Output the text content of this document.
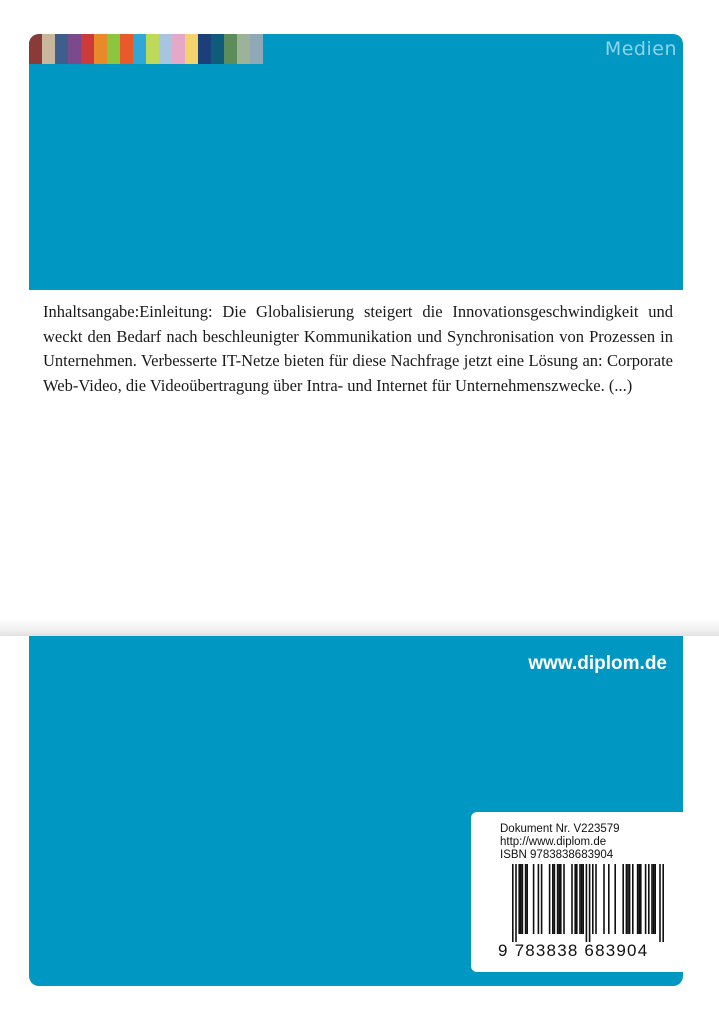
Medien

Inhaltsangabe:Einleitung: Die Globalisierung steigert die Innovationsgeschwindigkeit und weckt den Bedarf nach beschleunigter Kommunikation und Synchronisation von Prozessen in Unternehmen. Verbesserte IT-Netze bieten für diese Nachfrage jetzt eine Lösung an: Corporate Web-Video, die Videoübertragung über Intra- und Internet für Unternehmenszwecke. (...)

www.diplom.de
Dokument Nr. V223579
http://www.diplom.de
ISBN 9783838683904
9 783838 683904
